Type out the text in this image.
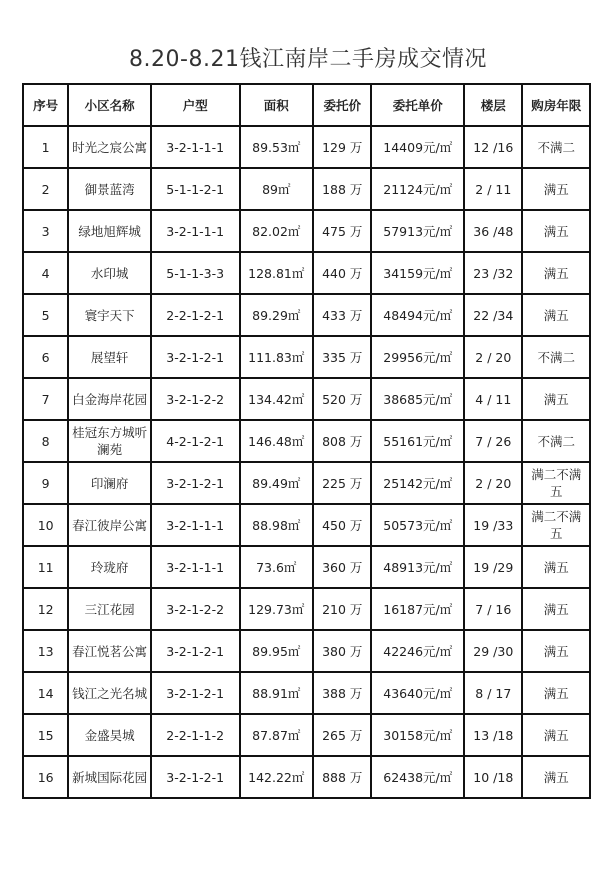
8.20-8.21钱江南岸二手房成交情况
序号	小区名称	户型	面积	委托价	委托单价	楼层	购房年限
1	时光之宸公寓	3-2-1-1-1	89.53㎡	129 万	14409元/㎡	12 /16	不满二
2	御景蓝湾	5-1-1-2-1	89㎡	188 万	21124元/㎡	2 / 11	满五
3	绿地旭辉城	3-2-1-1-1	82.02㎡	475 万	57913元/㎡	36 /48	满五
4	水印城	5-1-1-3-3	128.81㎡	440 万	34159元/㎡	23 /32	满五
5	寰宇天下	2-2-1-2-1	89.29㎡	433 万	48494元/㎡	22 /34	满五
6	展望轩	3-2-1-2-1	111.83㎡	335 万	29956元/㎡	2 / 20	不满二
7	白金海岸花园	3-2-1-2-2	134.42㎡	520 万	38685元/㎡	4 / 11	满五
8	桂冠东方城听澜苑	4-2-1-2-1	146.48㎡	808 万	55161元/㎡	7 / 26	不满二
9	印澜府	3-2-1-2-1	89.49㎡	225 万	25142元/㎡	2 / 20	满二不满五
10	春江彼岸公寓	3-2-1-1-1	88.98㎡	450 万	50573元/㎡	19 /33	满二不满五
11	玲珑府	3-2-1-1-1	73.6㎡	360 万	48913元/㎡	19 /29	满五
12	三江花园	3-2-1-2-2	129.73㎡	210 万	16187元/㎡	7 / 16	满五
13	春江悦茗公寓	3-2-1-2-1	89.95㎡	380 万	42246元/㎡	29 /30	满五
14	钱江之光名城	3-2-1-2-1	88.91㎡	388 万	43640元/㎡	8 / 17	满五
15	金盛昊城	2-2-1-1-2	87.87㎡	265 万	30158元/㎡	13 /18	满五
16	新城国际花园	3-2-1-2-1	142.22㎡	888 万	62438元/㎡	10 /18	满五
